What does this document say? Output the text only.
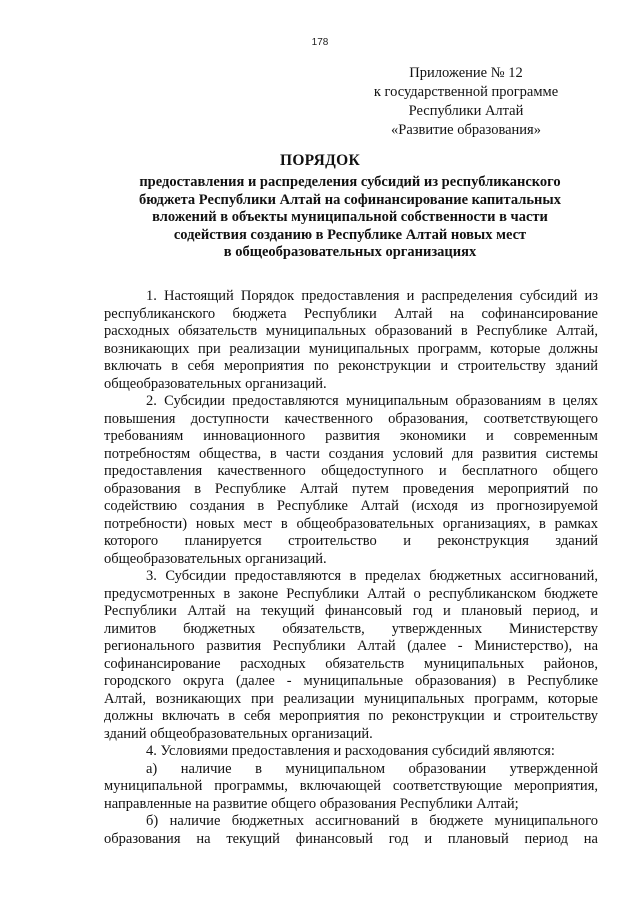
178
Приложение № 12
к государственной программе
Республики Алтай
«Развитие образования»
ПОРЯДОК
предоставления и распределения субсидий из республиканского
бюджета Республики Алтай на софинансирование капитальных
вложений в объекты муниципальной собственности в части
содействия созданию в Республике Алтай новых мест
в общеобразовательных организациях
1. Настоящий Порядок предоставления и распределения субсидий из
республиканского бюджета Республики Алтай на софинансирование
расходных обязательств муниципальных образований в Республике Алтай,
возникающих при реализации муниципальных программ, которые должны
включать в себя мероприятия по реконструкции и строительству зданий
общеобразовательных организаций.
2. Субсидии предоставляются муниципальным образованиям в целях
повышения доступности качественного образования, соответствующего
требованиям инновационного развития экономики и современным
потребностям общества, в части создания условий для развития системы
предоставления качественного общедоступного и бесплатного общего
образования в Республике Алтай путем проведения мероприятий по
содействию создания в Республике Алтай (исходя из прогнозируемой
потребности) новых мест в общеобразовательных организациях, в рамках
которого планируется строительство и реконструкция зданий
общеобразовательных организаций.
3. Субсидии предоставляются в пределах бюджетных ассигнований,
предусмотренных в законе Республики Алтай о республиканском бюджете
Республики Алтай на текущий финансовый год и плановый период, и
лимитов бюджетных обязательств, утвержденных Министерству
регионального развития Республики Алтай (далее - Министерство), на
софинансирование расходных обязательств муниципальных районов,
городского округа (далее - муниципальные образования) в Республике
Алтай, возникающих при реализации муниципальных программ, которые
должны включать в себя мероприятия по реконструкции и строительству
зданий общеобразовательных организаций.
4. Условиями предоставления и расходования субсидий являются:
а) наличие в муниципальном образовании утвержденной
муниципальной программы, включающей соответствующие мероприятия,
направленные на развитие общего образования Республики Алтай;
б) наличие бюджетных ассигнований в бюджете муниципального
образования на текущий финансовый год и плановый период на
